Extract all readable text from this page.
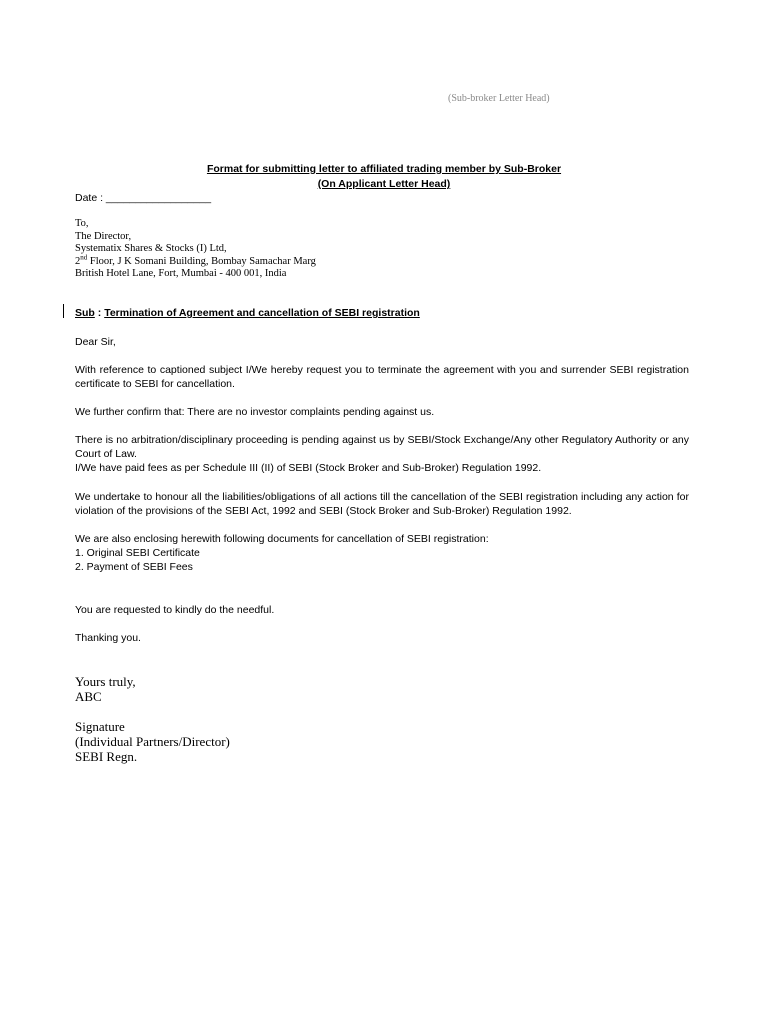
(Sub-broker Letter Head)
Format for submitting letter to affiliated trading member by Sub-Broker
(On Applicant Letter Head)
Date : __________________
To,
The Director,
Systematix Shares & Stocks (I) Ltd,
2nd Floor, J K Somani Building, Bombay Samachar Marg
British Hotel Lane, Fort, Mumbai - 400 001, India
Sub : Termination of Agreement and cancellation of SEBI registration
Dear Sir,
With reference to captioned subject I/We hereby request you to terminate the agreement with you and surrender SEBI registration certificate to SEBI for cancellation.
We further confirm that: There are no investor complaints pending against us.
There is no arbitration/disciplinary proceeding is pending against us by SEBI/Stock Exchange/Any other Regulatory Authority or any Court of Law.
I/We have paid fees as per Schedule III (II) of SEBI (Stock Broker and Sub-Broker) Regulation 1992.
We undertake to honour all the liabilities/obligations of all actions till the cancellation of the SEBI registration including any action for violation of the provisions of the SEBI Act, 1992 and SEBI (Stock Broker and Sub-Broker) Regulation 1992.
We are also enclosing herewith following documents for cancellation of SEBI registration:
1. Original SEBI Certificate
2. Payment of SEBI Fees
You are requested to kindly do the needful.
Thanking you.
Yours truly,
ABC
Signature
(Individual Partners/Director)
SEBI Regn.
